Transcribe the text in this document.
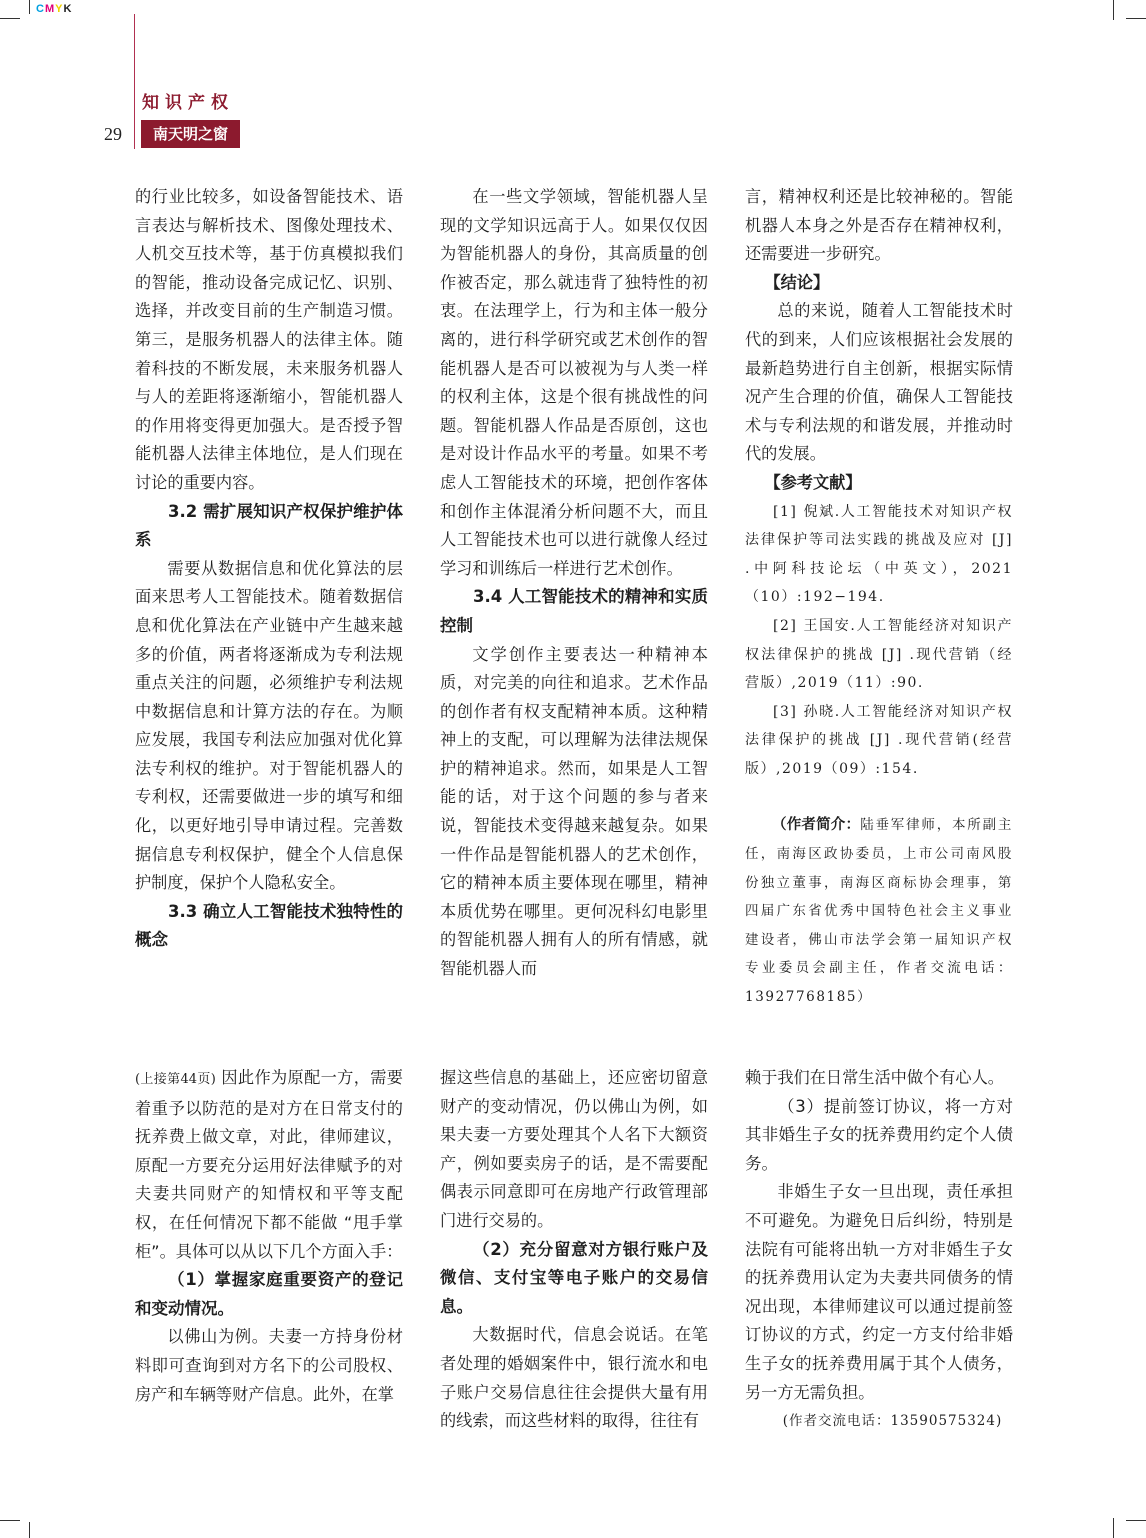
CMYK
知识产权
29	南天明之窗

的行业比较多，如设备智能技术、语言表达与解析技术、图像处理技术、人机交互技术等，基于仿真模拟我们的智能，推动设备完成记忆、识别、选择，并改变目前的生产制造习惯。第三，是服务机器人的法律主体。随着科技的不断发展，未来服务机器人与人的差距将逐渐缩小，智能机器人的作用将变得更加强大。是否授予智能机器人法律主体地位，是人们现在讨论的重要内容。

3.2 需扩展知识产权保护维护体系

需要从数据信息和优化算法的层面来思考人工智能技术。随着数据信息和优化算法在产业链中产生越来越多的价值，两者将逐渐成为专利法规重点关注的问题，必须维护专利法规中数据信息和计算方法的存在。为顺应发展，我国专利法应加强对优化算法专利权的维护。对于智能机器人的专利权，还需要做进一步的填写和细化，以更好地引导申请过程。完善数据信息专利权保护，健全个人信息保护制度，保护个人隐私安全。

3.3 确立人工智能技术独特性的概念

在一些文学领域，智能机器人呈现的文学知识远高于人。如果仅仅因为智能机器人的身份，其高质量的创作被否定，那么就违背了独特性的初衷。在法理学上，行为和主体一般分离的，进行科学研究或艺术创作的智能机器人是否可以被视为与人类一样的权利主体，这是个很有挑战性的问题。智能机器人作品是否原创，这也是对设计作品水平的考量。如果不考虑人工智能技术的环境，把创作客体和创作主体混淆分析问题不大，而且人工智能技术也可以进行就像人经过学习和训练后一样进行艺术创作。

3.4 人工智能技术的精神和实质控制

文学创作主要表达一种精神本质，对完美的向往和追求。艺术作品的创作者有权支配精神本质。这种精神上的支配，可以理解为法律法规保护的精神追求。然而，如果是人工智能的话，对于这个问题的参与者来说，智能技术变得越来越复杂。如果一件作品是智能机器人的艺术创作，它的精神本质主要体现在哪里，精神本质优势在哪里。更何况科幻电影里的智能机器人拥有人的所有情感，就智能机器人而

言，精神权利还是比较神秘的。智能机器人本身之外是否存在精神权利，还需要进一步研究。

【结论】

总的来说，随着人工智能技术时代的到来，人们应该根据社会发展的最新趋势进行自主创新，根据实际情况产生合理的价值，确保人工智能技术与专利法规的和谐发展，并推动时代的发展。

【参考文献】

[1] 倪斌.人工智能技术对知识产权法律保护等司法实践的挑战及应对 [J] .中阿科技论坛（中英文），2021（10）:192−194.

[2] 王国安.人工智能经济对知识产权法律保护的挑战 [J] .现代营销（经营版）,2019（11）:90.

[3] 孙晓.人工智能经济对知识产权法律保护的挑战 [J] .现代营销(经营版）,2019（09）:154.

（作者简介：陆垂军律师，本所副主任，南海区政协委员，上市公司南风股份独立董事，南海区商标协会理事，第四届广东省优秀中国特色社会主义事业建设者，佛山市法学会第一届知识产权专业委员会副主任，作者交流电话：13927768185）

(上接第44页) 因此作为原配一方，需要着重予以防范的是对方在日常支付的抚养费上做文章，对此，律师建议，原配一方要充分运用好法律赋予的对夫妻共同财产的知情权和平等支配权，在任何情况下都不能做 “甩手掌柜”。具体可以从以下几个方面入手：

（1）掌握家庭重要资产的登记和变动情况。

以佛山为例。夫妻一方持身份材料即可查询到对方名下的公司股权、房产和车辆等财产信息。此外，在掌

握这些信息的基础上，还应密切留意财产的变动情况，仍以佛山为例，如果夫妻一方要处理其个人名下大额资产，例如要卖房子的话，是不需要配偶表示同意即可在房地产行政管理部门进行交易的。

（2）充分留意对方银行账户及微信、支付宝等电子账户的交易信息。

大数据时代，信息会说话。在笔者处理的婚姻案件中，银行流水和电子账户交易信息往往会提供大量有用的线索，而这些材料的取得，往往有

赖于我们在日常生活中做个有心人。

（3）提前签订协议，将一方对其非婚生子女的抚养费用约定个人债务。

非婚生子女一旦出现，责任承担不可避免。为避免日后纠纷，特别是法院有可能将出轨一方对非婚生子女的抚养费用认定为夫妻共同债务的情况出现，本律师建议可以通过提前签订协议的方式，约定一方支付给非婚生子女的抚养费用属于其个人债务，另一方无需负担。

(作者交流电话：13590575324)
